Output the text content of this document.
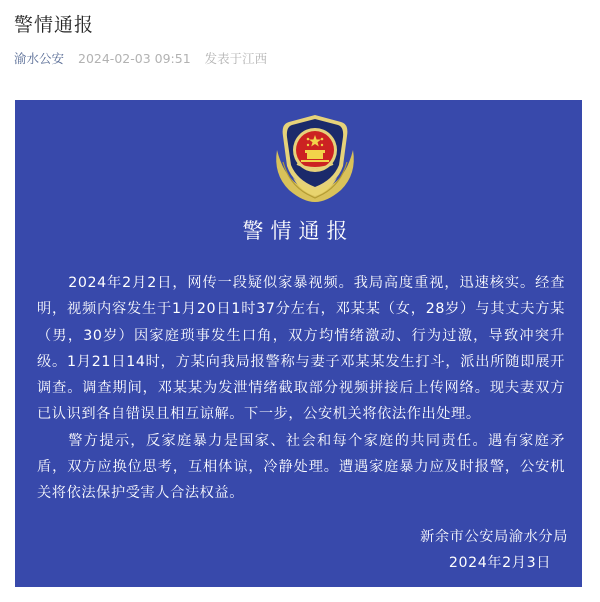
警情通报
渝水公安 2024-02-03 09:51 发表于江西
警情通报

2024年2月2日，网传一段疑似家暴视频。我局高度重视，迅速核实。经查明，视频内容发生于1月20日1时37分左右，邓某某（女，28岁）与其丈夫方某（男，30岁）因家庭琐事发生口角，双方均情绪激动、行为过激，导致冲突升级。1月21日14时，方某向我局报警称与妻子邓某某发生打斗，派出所随即展开调查。调查期间，邓某某为发泄情绪截取部分视频拼接后上传网络。现夫妻双方已认识到各自错误且相互谅解。下一步，公安机关将依法作出处理。

警方提示，反家庭暴力是国家、社会和每个家庭的共同责任。遇有家庭矛盾，双方应换位思考，互相体谅，冷静处理。遭遇家庭暴力应及时报警，公安机关将依法保护受害人合法权益。

新余市公安局渝水分局
2024年2月3日
